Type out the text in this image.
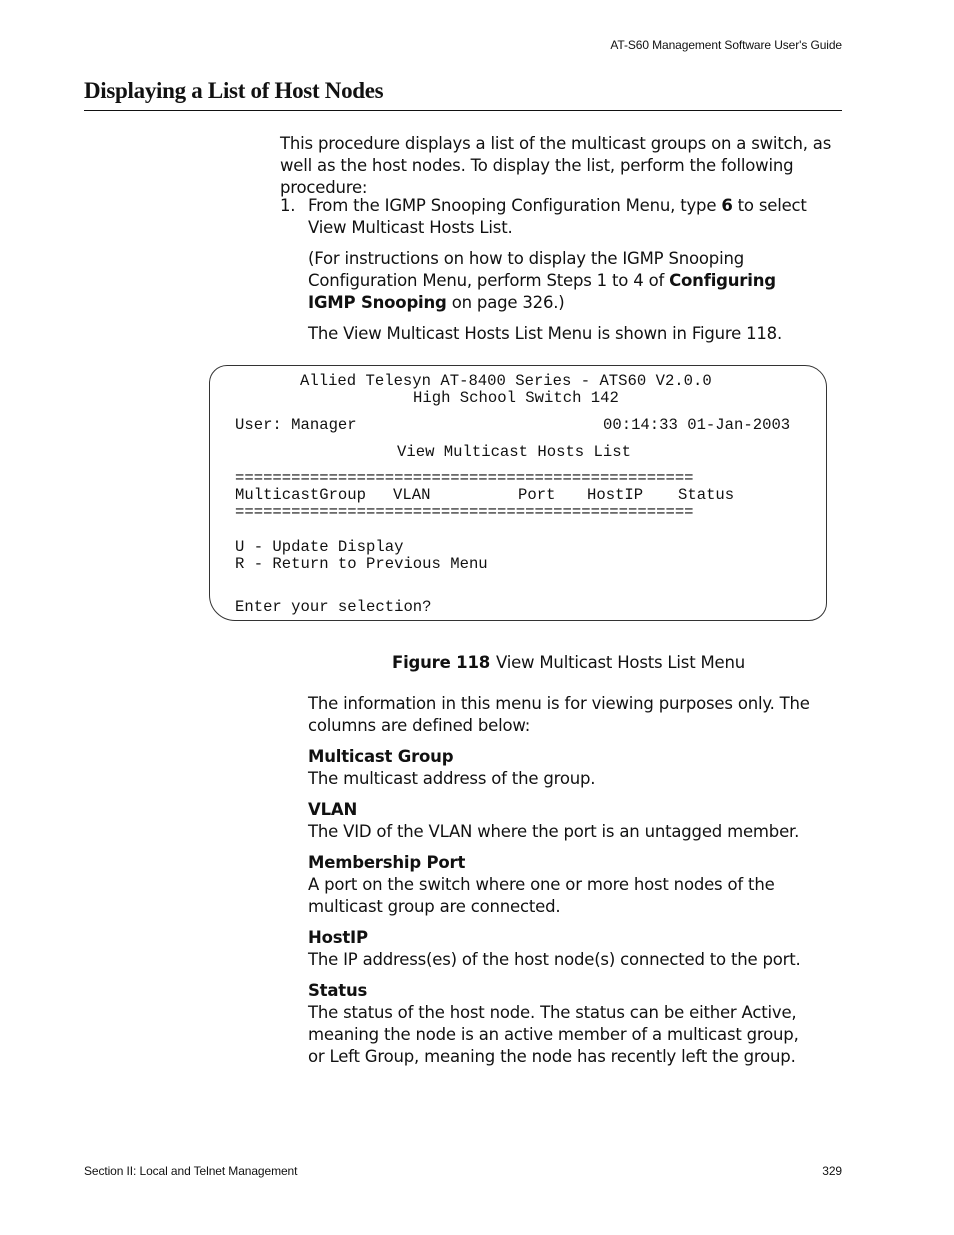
AT-S60 Management Software User's Guide
Displaying a List of Host Nodes

This procedure displays a list of the multicast groups on a switch, as well as the host nodes. To display the list, perform the following procedure:

1. From the IGMP Snooping Configuration Menu, type 6 to select View Multicast Hosts List.

(For instructions on how to display the IGMP Snooping Configuration Menu, perform Steps 1 to 4 of Configuring IGMP Snooping on page 326.)

The View Multicast Hosts List Menu is shown in Figure 118.

Allied Telesyn AT-8400 Series - ATS60 V2.0.0
High School Switch 142
User: Manager	00:14:33 01-Jan-2003
View Multicast Hosts List
=================================================
MulticastGroup VLAN	Port HostIP Status
=================================================
U - Update Display
R - Return to Previous Menu
Enter your selection?
Figure 118 View Multicast Hosts List Menu

The information in this menu is for viewing purposes only. The columns are defined below:

Multicast Group
The multicast address of the group.
VLAN
The VID of the VLAN where the port is an untagged member.
Membership Port
A port on the switch where one or more host nodes of the multicast group are connected.
HostIP
The IP address(es) of the host node(s) connected to the port.
Status
The status of the host node. The status can be either Active, meaning the node is an active member of a multicast group, or Left Group, meaning the node has recently left the group.
Section II: Local and Telnet Management	329
